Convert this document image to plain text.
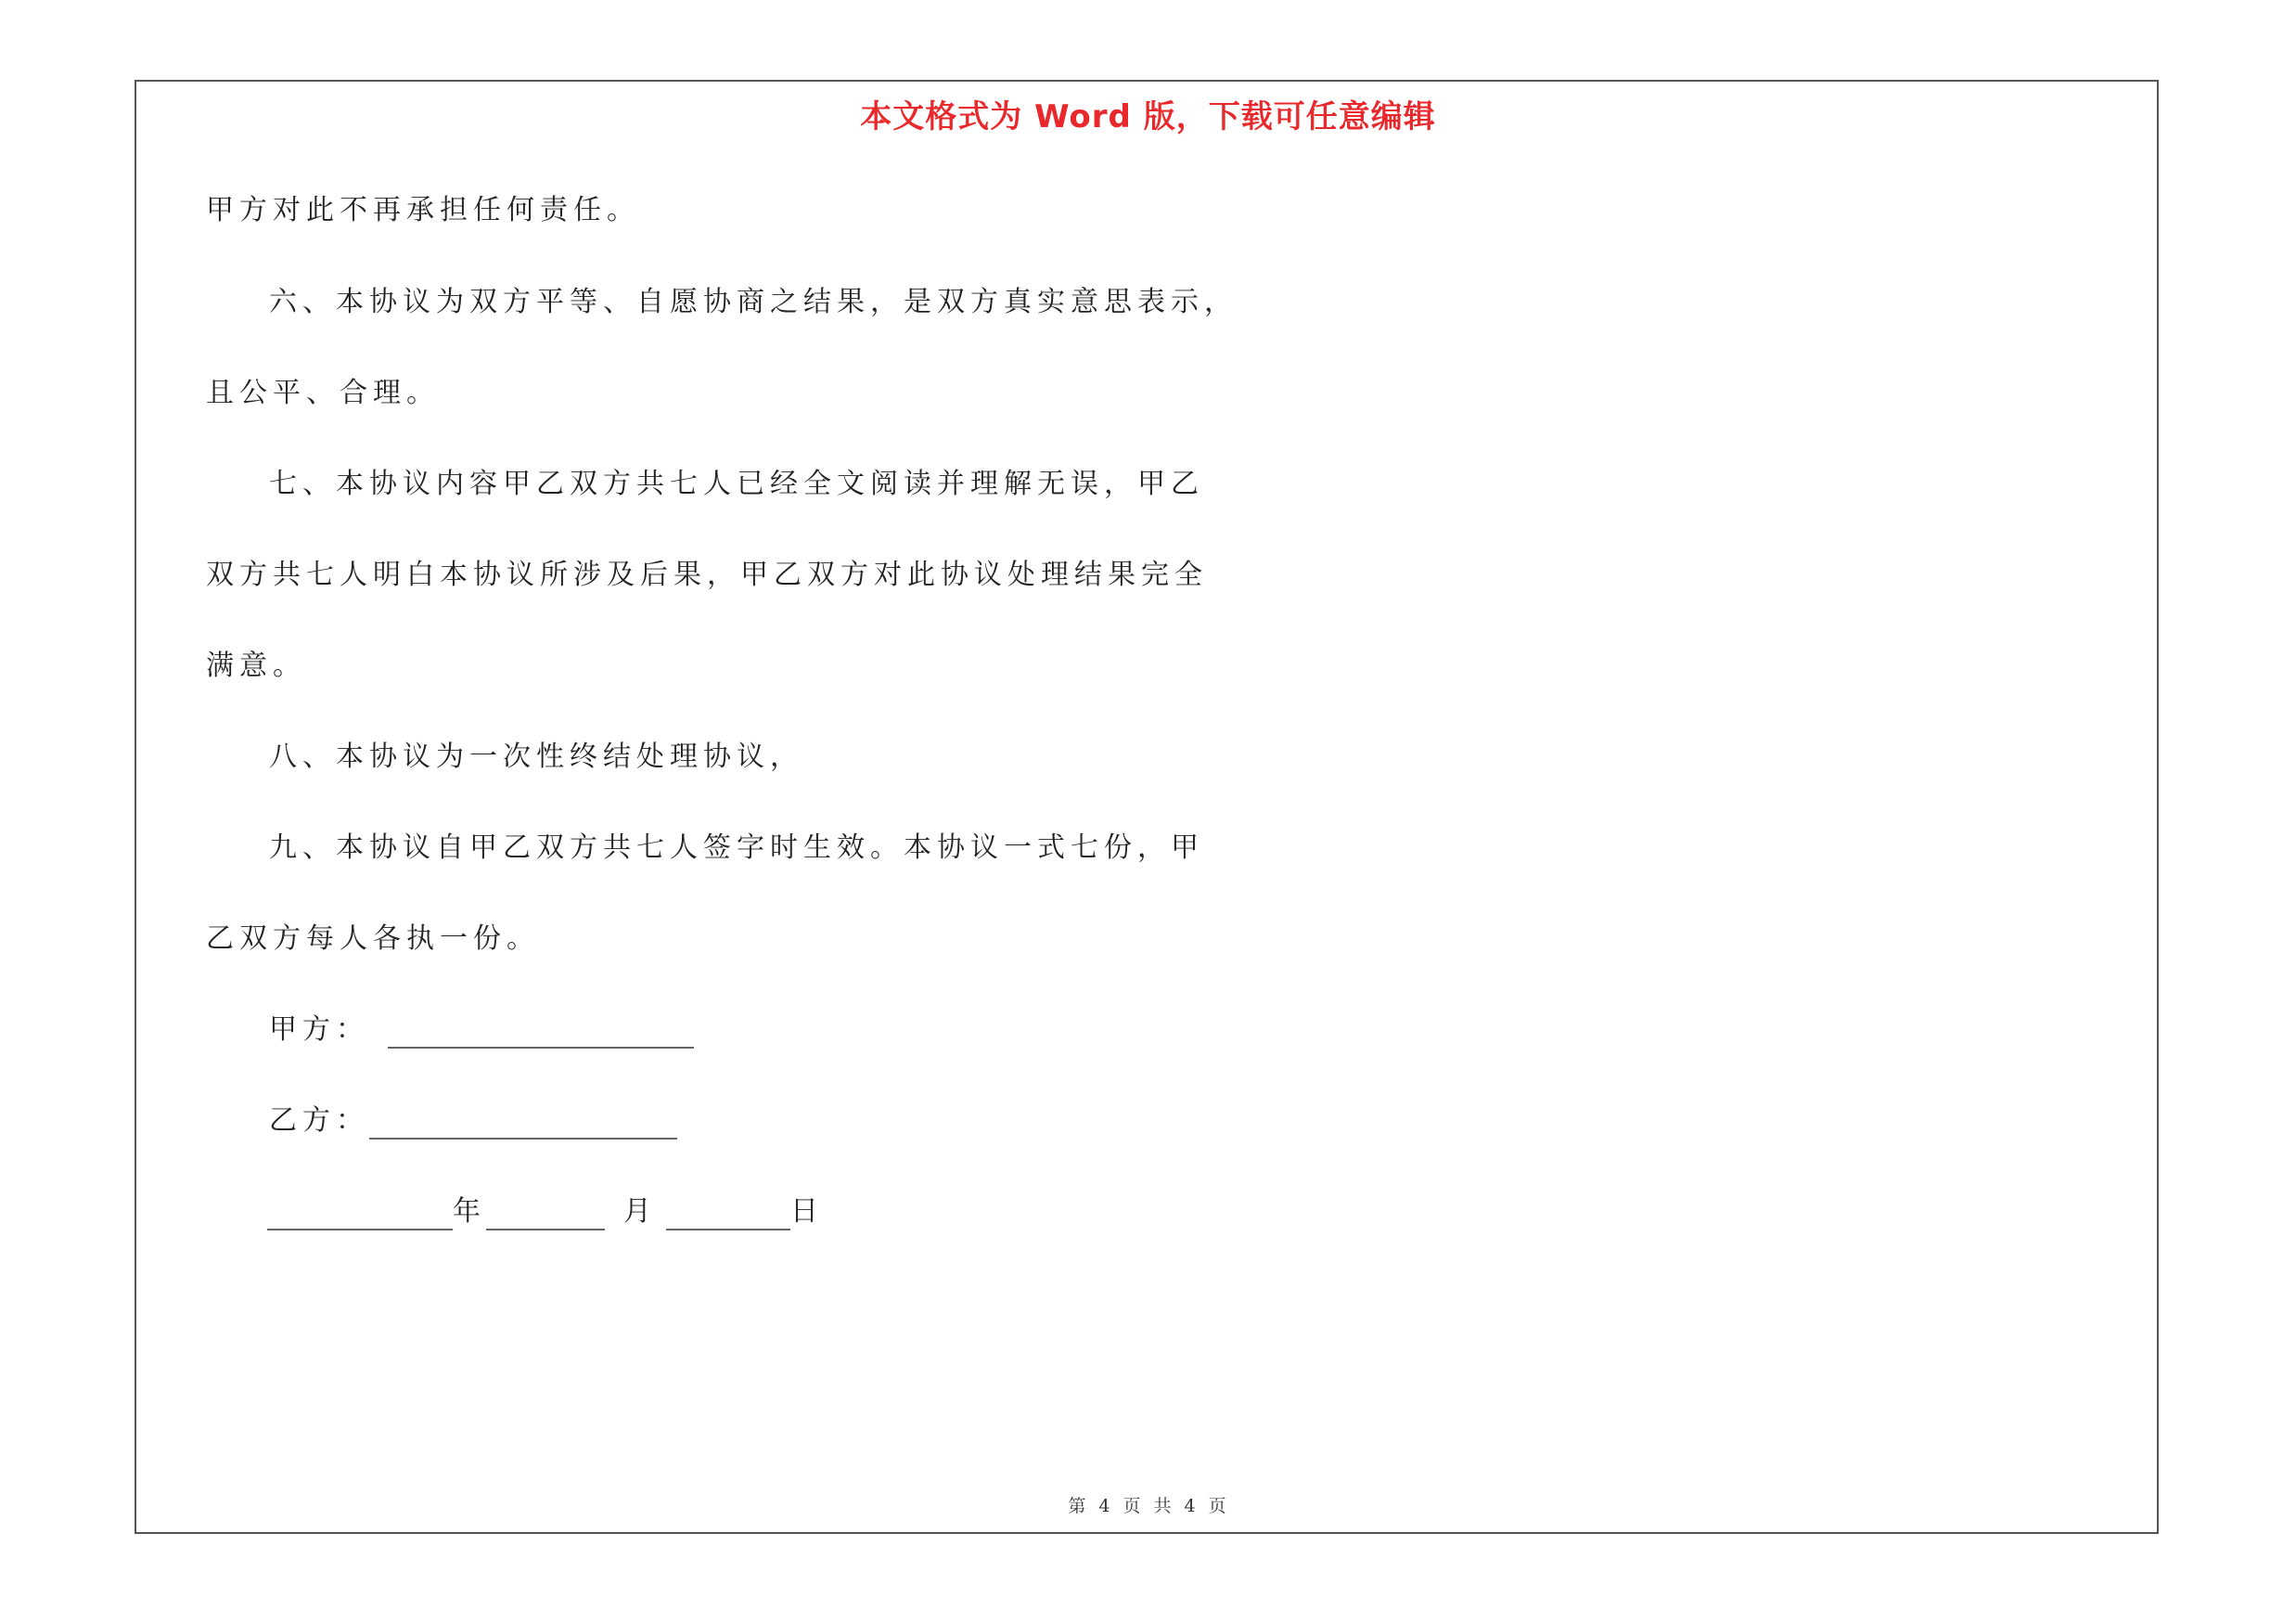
本文格式为 Word 版，下载可任意编辑
甲方对此不再承担任何责任。
六、本协议为双方平等、自愿协商之结果，是双方真实意思表示，
且公平、合理。
七、本协议内容甲乙双方共七人已经全文阅读并理解无误，甲乙
双方共七人明白本协议所涉及后果，甲乙双方对此协议处理结果完全
满意。
八、本协议为一次性终结处理协议，
九、本协议自甲乙双方共七人签字时生效。本协议一式七份，甲
乙双方每人各执一份。
甲方：
乙方：
年	月	日
第 4 页 共 4 页
